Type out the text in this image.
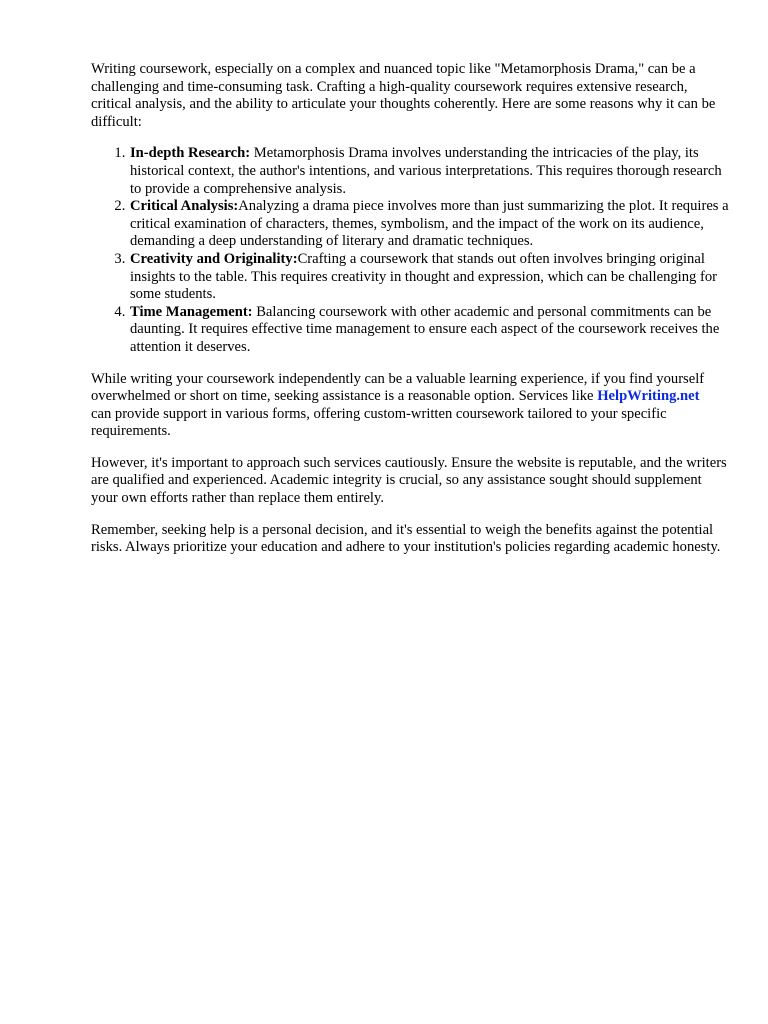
Writing coursework, especially on a complex and nuanced topic like "Metamorphosis Drama," can be a challenging and time-consuming task. Crafting a high-quality coursework requires extensive research, critical analysis, and the ability to articulate your thoughts coherently. Here are some reasons why it can be difficult:

1. In-depth Research: Metamorphosis Drama involves understanding the intricacies of the play, its historical context, the author's intentions, and various interpretations. This requires thorough research to provide a comprehensive analysis.
2. Critical Analysis:Analyzing a drama piece involves more than just summarizing the plot. It requires a critical examination of characters, themes, symbolism, and the impact of the work on its audience, demanding a deep understanding of literary and dramatic techniques.
3. Creativity and Originality:Crafting a coursework that stands out often involves bringing original insights to the table. This requires creativity in thought and expression, which can be challenging for some students.
4. Time Management: Balancing coursework with other academic and personal commitments can be daunting. It requires effective time management to ensure each aspect of the coursework receives the attention it deserves.

While writing your coursework independently can be a valuable learning experience, if you find yourself overwhelmed or short on time, seeking assistance is a reasonable option. Services like HelpWriting.netcan provide support in various forms, offering custom-written coursework tailored to your specific requirements.

However, it's important to approach such services cautiously. Ensure the website is reputable, and the writers are qualified and experienced. Academic integrity is crucial, so any assistance sought should supplement your own efforts rather than replace them entirely.

Remember, seeking help is a personal decision, and it's essential to weigh the benefits against the potential risks. Always prioritize your education and adhere to your institution's policies regarding academic honesty.
